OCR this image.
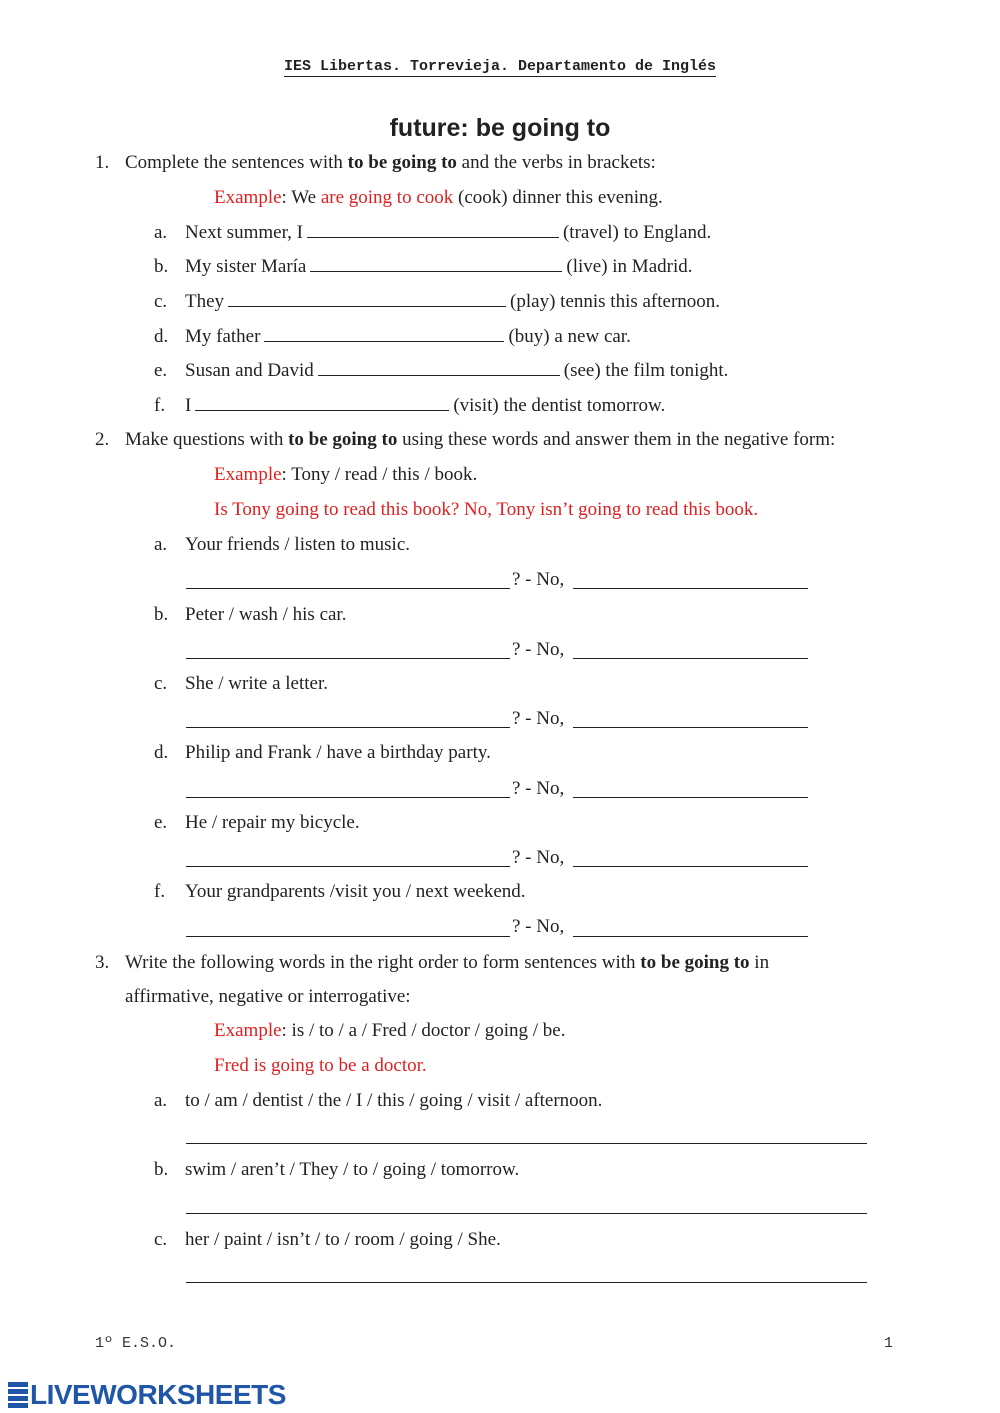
IES Libertas. Torrevieja. Departamento de Inglés
future: be going to
1. Complete the sentences with to be going to and the verbs in brackets:
Example: We are going to cook (cook) dinner this evening.
a. Next summer, I	(travel) to England.
b. My sister María	(live) in Madrid.
c. They	(play) tennis this afternoon.
d. My father	(buy) a new car.
e. Susan and David	(see) the film tonight.
f. I	(visit) the dentist tomorrow.
2. Make questions with to be going to using these words and answer them in the negative form:
Example: Tony / read / this / book.
Is Tony going to read this book? No, Tony isn’t going to read this book.
a. Your friends / listen to music.
? - No,
b. Peter / wash / his car.
? - No,
c. She / write a letter.
? - No,
d. Philip and Frank / have a birthday party.
? - No,
e. He / repair my bicycle.
? - No,
f. Your grandparents /visit you / next weekend.
? - No,
3. Write the following words in the right order to form sentences with to be going to in
affirmative, negative or interrogative:
Example: is / to / a / Fred / doctor / going / be.
Fred is going to be a doctor.
a. to / am / dentist / the / I / this / going / visit / afternoon.
b. swim / aren’t / They / to / going / tomorrow.
c. her / paint / isn’t / to / room / going / She.
1º E.S.O.	1
LIVEWORKSHEETS
